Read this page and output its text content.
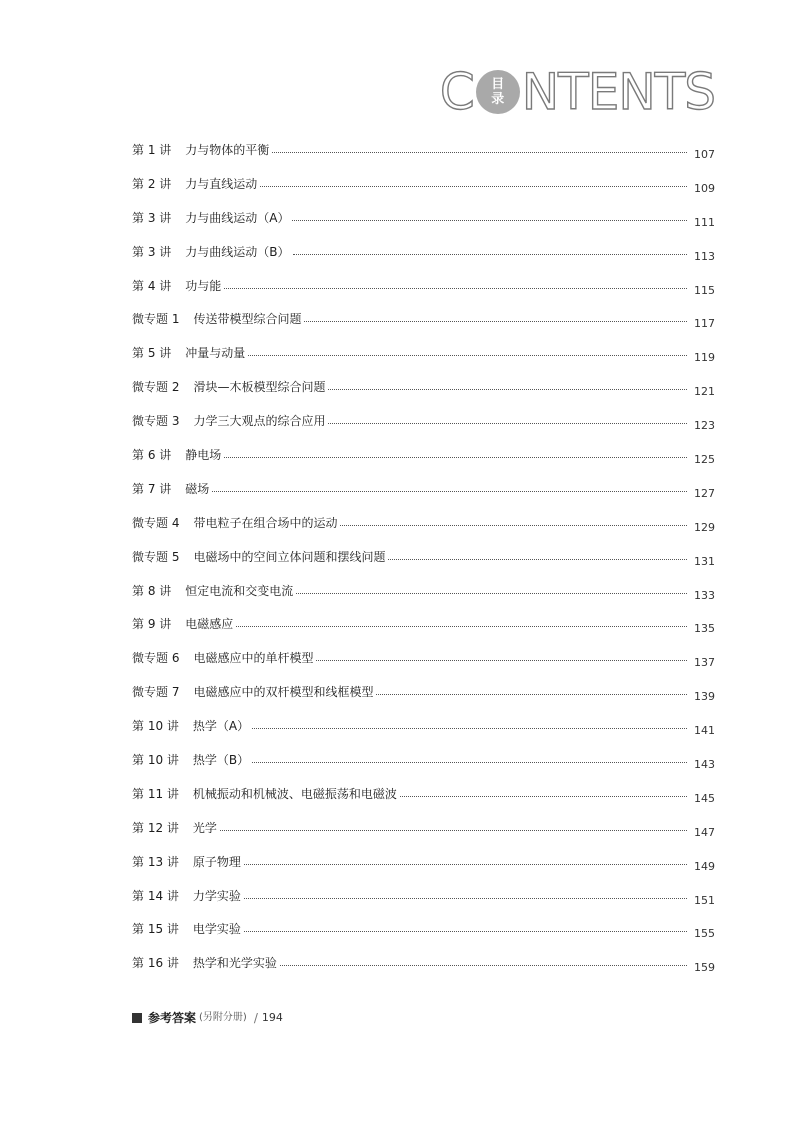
C 目
录 NTENTS
第 1 讲 力与物体的平衡	107
第 2 讲 力与直线运动	109
第 3 讲 力与曲线运动（A）	111
第 3 讲 力与曲线运动（B）	113
第 4 讲 功与能	115
微专题 1 传送带模型综合问题	117
第 5 讲 冲量与动量	119
微专题 2 滑块—木板模型综合问题	121
微专题 3 力学三大观点的综合应用	123
第 6 讲 静电场	125
第 7 讲 磁场	127
微专题 4 带电粒子在组合场中的运动	129
微专题 5 电磁场中的空间立体问题和摆线问题	131
第 8 讲 恒定电流和交变电流	133
第 9 讲 电磁感应	135
微专题 6 电磁感应中的单杆模型	137
微专题 7 电磁感应中的双杆模型和线框模型	139
第 10 讲 热学（A）	141
第 10 讲 热学（B）	143
第 11 讲 机械振动和机械波、电磁振荡和电磁波	145
第 12 讲 光学	147
第 13 讲 原子物理	149
第 14 讲 力学实验	151
第 15 讲 电学实验	155
第 16 讲 热学和光学实验	159
参考答案 (另附分册) / 194
